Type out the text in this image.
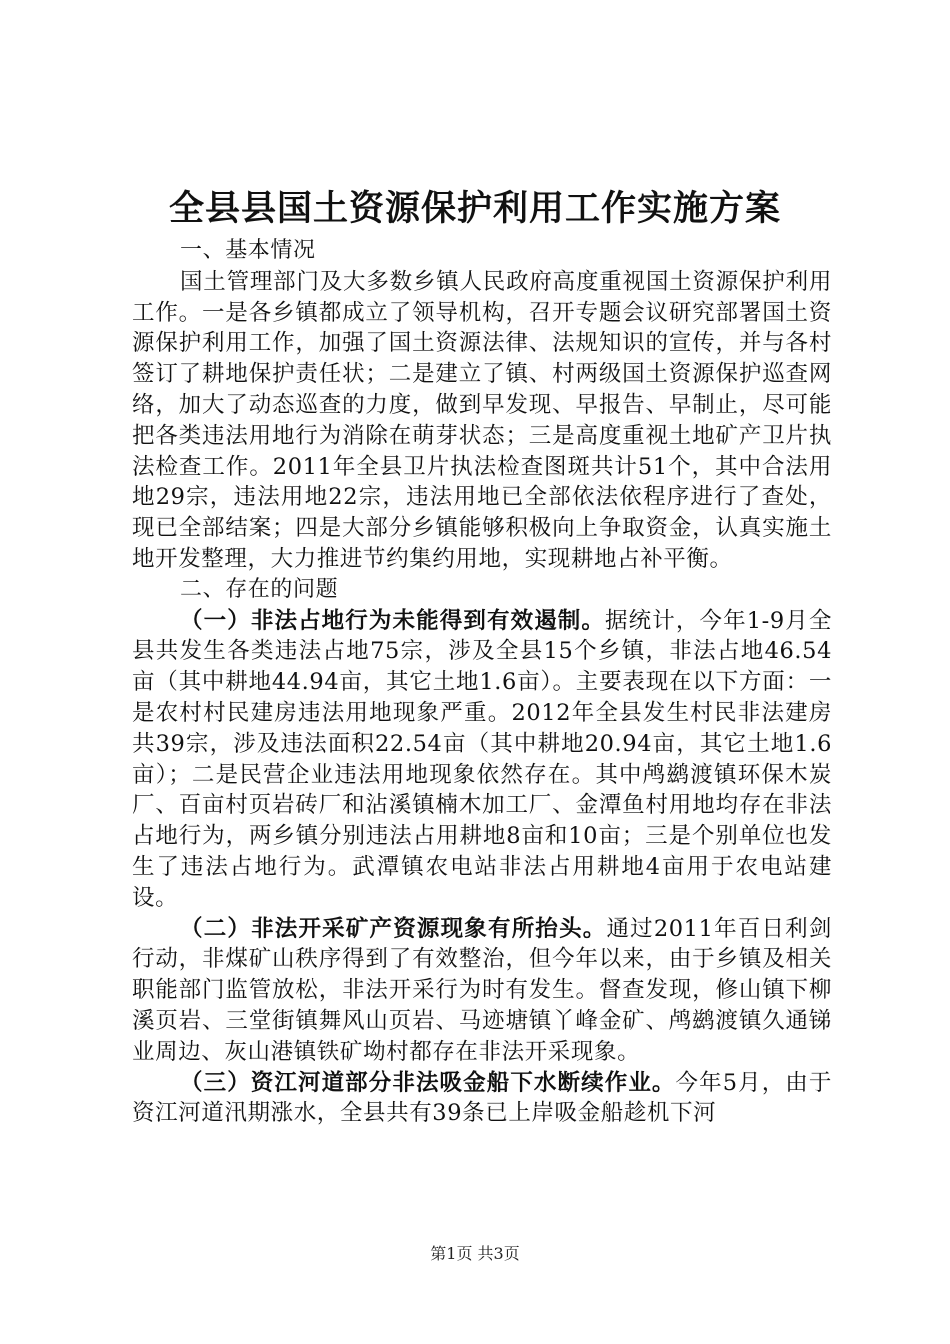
全县县国土资源保护利用工作实施方案

一、基本情况

国土管理部门及大多数乡镇人民政府高度重视国土资源保护利用工作。一是各乡镇都成立了领导机构，召开专题会议研究部署国土资源保护利用工作，加强了国土资源法律、法规知识的宣传，并与各村签订了耕地保护责任状；二是建立了镇、村两级国土资源保护巡查网络，加大了动态巡查的力度，做到早发现、早报告、早制止，尽可能把各类违法用地行为消除在萌芽状态；三是高度重视土地矿产卫片执法检查工作。2011年全县卫片执法检查图斑共计51个，其中合法用地29宗，违法用地22宗，违法用地已全部依法依程序进行了查处，现已全部结案；四是大部分乡镇能够积极向上争取资金，认真实施土地开发整理，大力推进节约集约用地，实现耕地占补平衡。

二、存在的问题

（一）非法占地行为未能得到有效遏制。据统计，今年1-9月全县共发生各类违法占地75宗，涉及全县15个乡镇，非法占地46.54亩（其中耕地44.94亩，其它土地1.6亩）。主要表现在以下方面：一是农村村民建房违法用地现象严重。2012年全县发生村民非法建房共39宗，涉及违法面积22.54亩（其中耕地20.94亩，其它土地1.6亩）；二是民营企业违法用地现象依然存在。其中鸬鹚渡镇环保木炭厂、百亩村页岩砖厂和沾溪镇楠木加工厂、金潭鱼村用地均存在非法占地行为，两乡镇分别违法占用耕地8亩和10亩；三是个别单位也发生了违法占地行为。武潭镇农电站非法占用耕地4亩用于农电站建设。

（二）非法开采矿产资源现象有所抬头。通过2011年百日利剑行动，非煤矿山秩序得到了有效整治，但今年以来，由于乡镇及相关职能部门监管放松，非法开采行为时有发生。督查发现，修山镇下柳溪页岩、三堂街镇舞风山页岩、马迹塘镇丫峰金矿、鸬鹚渡镇久通锑业周边、灰山港镇铁矿坳村都存在非法开采现象。

（三）资江河道部分非法吸金船下水断续作业。今年5月，由于资江河道汛期涨水，全县共有39条已上岸吸金船趁机下河

第1页 共3页
